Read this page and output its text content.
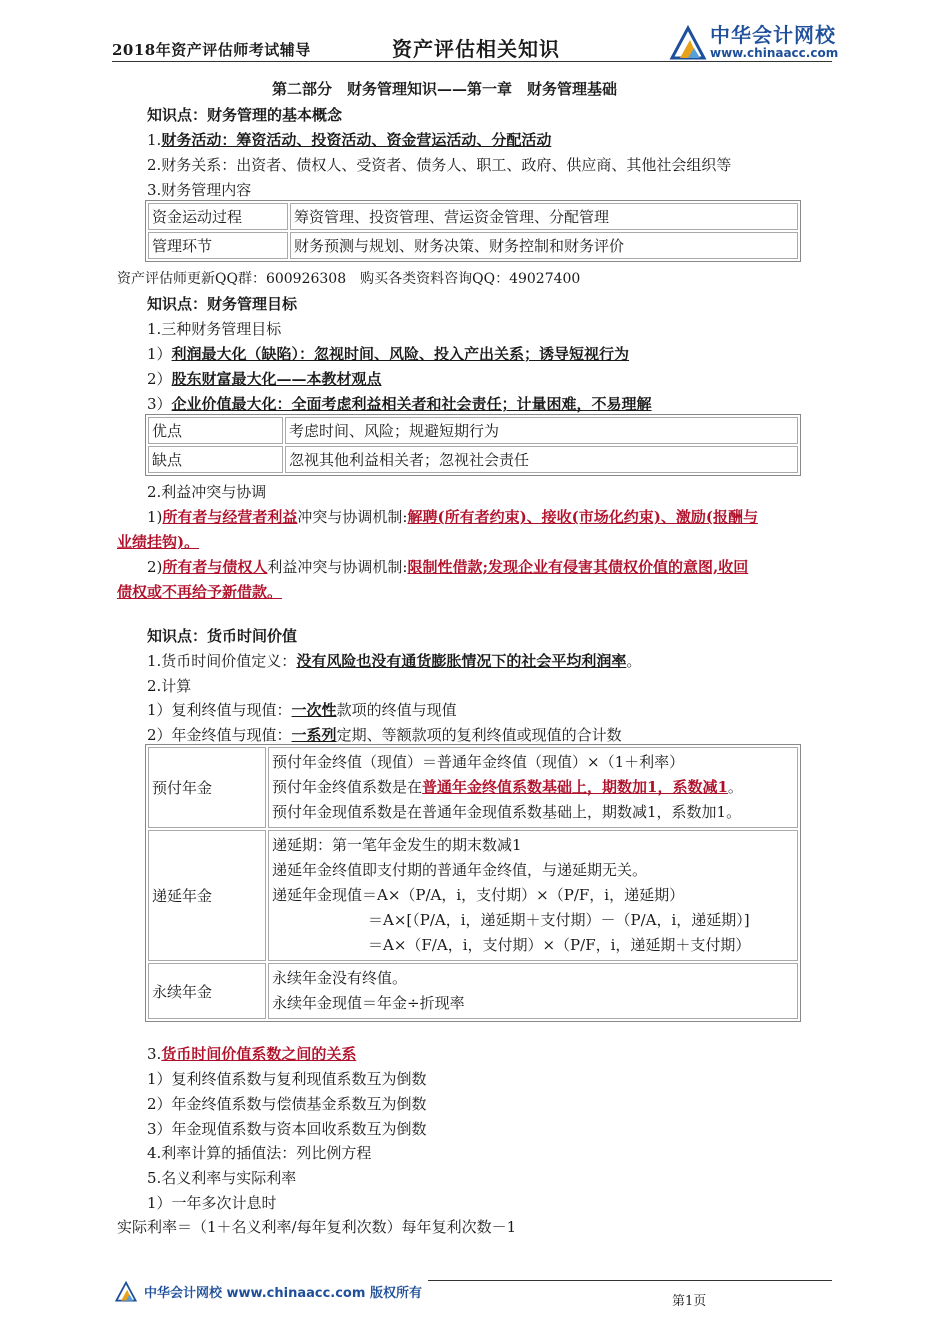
2018年资产评估师考试辅导	资产评估相关知识
中华会计网校
www.chinaacc.com
第二部分　财务管理知识——第一章　财务管理基础
知识点：财务管理的基本概念
1.财务活动：筹资活动、投资活动、资金营运活动、分配活动
2.财务关系：出资者、债权人、受资者、债务人、职工、政府、供应商、其他社会组织等
3.财务管理内容
资金运动过程	筹资管理、投资管理、营运资金管理、分配管理
管理环节	财务预测与规划、财务决策、财务控制和财务评价
资产评估师更新QQ群：600926308　购买各类资料咨询QQ：49027400
知识点：财务管理目标
1.三种财务管理目标
1）利润最大化（缺陷）：忽视时间、风险、投入产出关系；诱导短视行为
2）股东财富最大化——本教材观点
3）企业价值最大化：全面考虑利益相关者和社会责任；计量困难，不易理解
优点	考虑时间、风险；规避短期行为
缺点	忽视其他利益相关者；忽视社会责任
2.利益冲突与协调
1)所有者与经营者利益冲突与协调机制:解聘(所有者约束)、接收(市场化约束)、激励(报酬与
业绩挂钩)。
2)所有者与债权人利益冲突与协调机制:限制性借款;发现企业有侵害其债权价值的意图,收回
债权或不再给予新借款。
知识点：货币时间价值
1.货币时间价值定义：没有风险也没有通货膨胀情况下的社会平均利润率。
2.计算
1）复利终值与现值：一次性款项的终值与现值
2）年金终值与现值：一系列定期、等额款项的复利终值或现值的合计数
预付年金	预付年金终值（现值）＝普通年金终值（现值）×（1＋利率）
预付年金终值系数是在普通年金终值系数基础上，期数加1，系数减1。
预付年金现值系数是在普通年金现值系数基础上，期数减1，系数加1。

递延年金	递延期：第一笔年金发生的期末数减1
递延年金终值即支付期的普通年金终值，与递延期无关。
递延年金现值＝A×（P/A，i，支付期）×（P/F，i，递延期）
＝A×[（P/A，i，递延期＋支付期）－（P/A，i，递延期）]
＝A×（F/A，i，支付期）×（P/F，i，递延期＋支付期）

永续年金	永续年金没有终值。
永续年金现值＝年金÷折现率
3.货币时间价值系数之间的关系
1）复利终值系数与复利现值系数互为倒数
2）年金终值系数与偿债基金系数互为倒数
3）年金现值系数与资本回收系数互为倒数
4.利率计算的插值法：列比例方程
5.名义利率与实际利率
1）一年多次计息时
实际利率＝（1＋名义利率/每年复利次数）每年复利次数－1
中华会计网校 www.chinaacc.com 版权所有
第1页
